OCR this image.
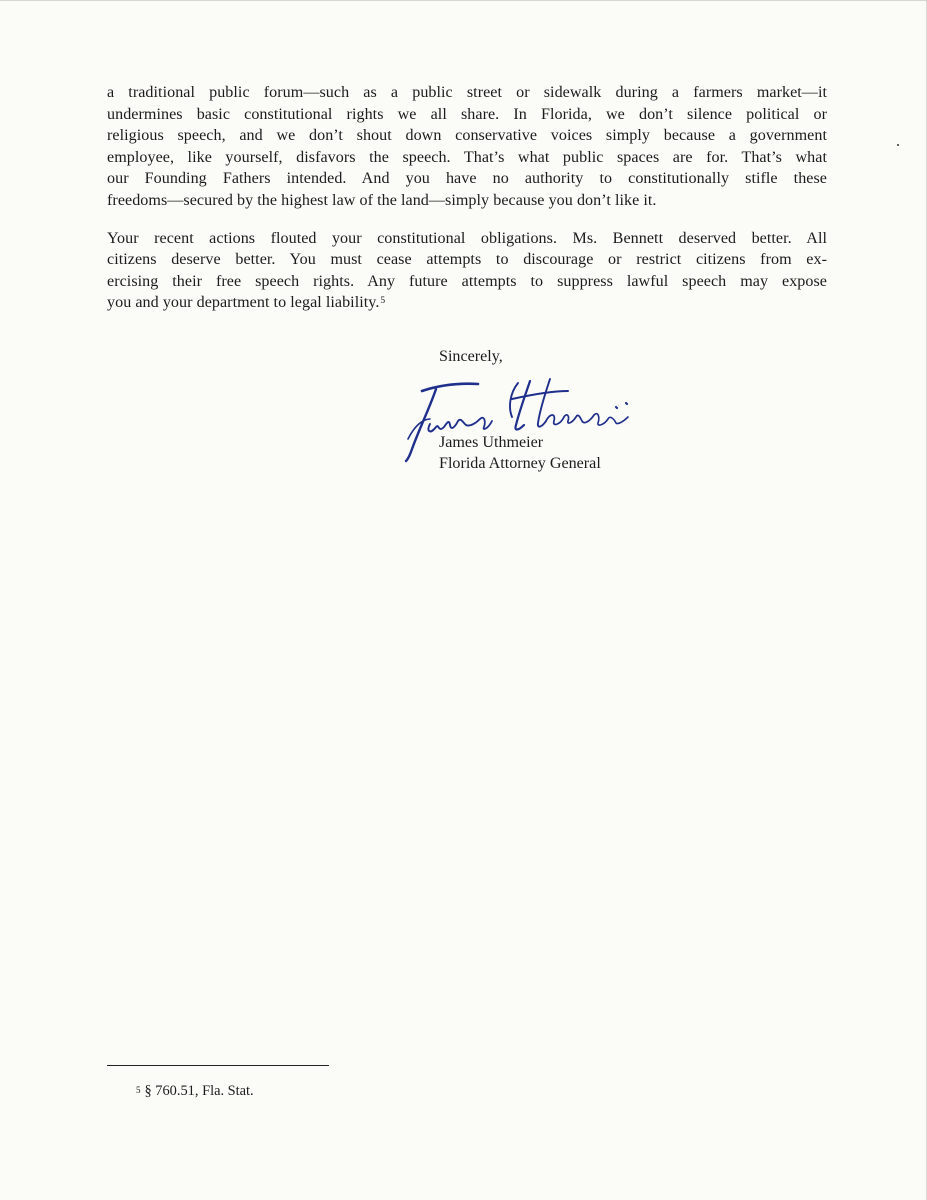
a traditional public forum—such as a public street or sidewalk during a farmers market—it
undermines basic constitutional rights we all share. In Florida, we don’t silence political or
religious speech, and we don’t shout down conservative voices simply because a government
employee, like yourself, disfavors the speech. That’s what public spaces are for. That’s what
our Founding Fathers intended. And you have no authority to constitutionally stifle these
freedoms—secured by the highest law of the land—simply because you don’t like it.

Your recent actions flouted your constitutional obligations. Ms. Bennett deserved better. All
citizens deserve better. You must cease attempts to discourage or restrict citizens from ex-
ercising their free speech rights. Any future attempts to suppress lawful speech may expose
you and your department to legal liability.$^5$

Sincerely,
James Uthmeier
Florida Attorney General
$^5$ § 760.51, Fla. Stat.
